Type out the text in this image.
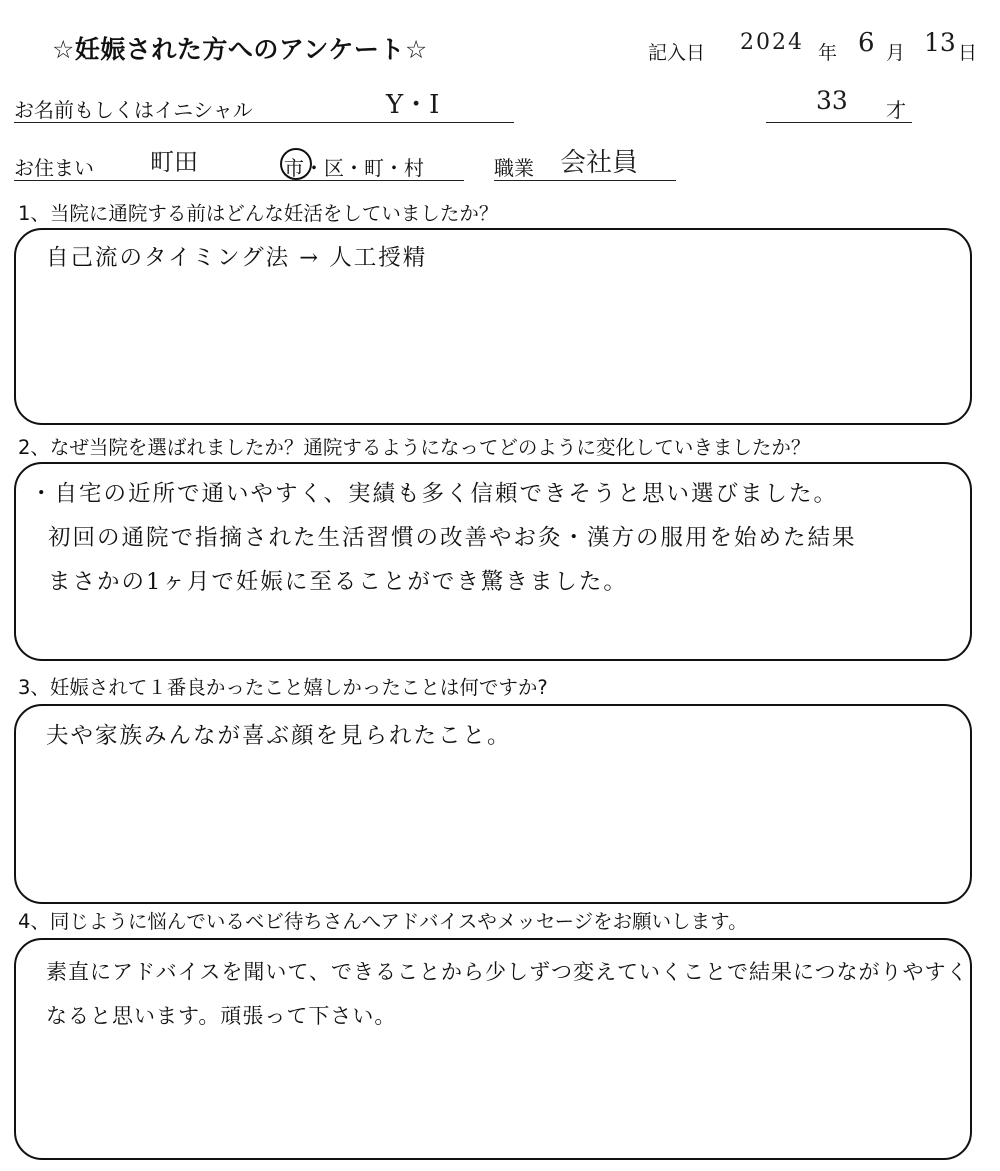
☆妊娠された方へのアンケート☆	記入日 2024 年 6 月 13 日
お名前もしくはイニシャル	Y・I	33 才
お住まい 町田	市・区・町・村	職業 会社員
1、当院に通院する前はどんな妊活をしていましたか？
自己流のタイミング法 → 人工授精
2、なぜ当院を選ばれましたか？通院するようになってどのように変化していきましたか？
・自宅の近所で通いやすく、実績も多く信頼できそうと思い選びました。
初回の通院で指摘された生活習慣の改善やお灸・漢方の服用を始めた結果
まさかの1ヶ月で妊娠に至ることができ驚きました。
3、妊娠されて１番良かったこと嬉しかったことは何ですか?
夫や家族みんなが喜ぶ顔を見られたこと。
4、同じように悩んでいるベビ待ちさんへアドバイスやメッセージをお願いします。
素直にアドバイスを聞いて、できることから少しずつ変えていくことで結果につながりやすく
なると思います。頑張って下さい。
